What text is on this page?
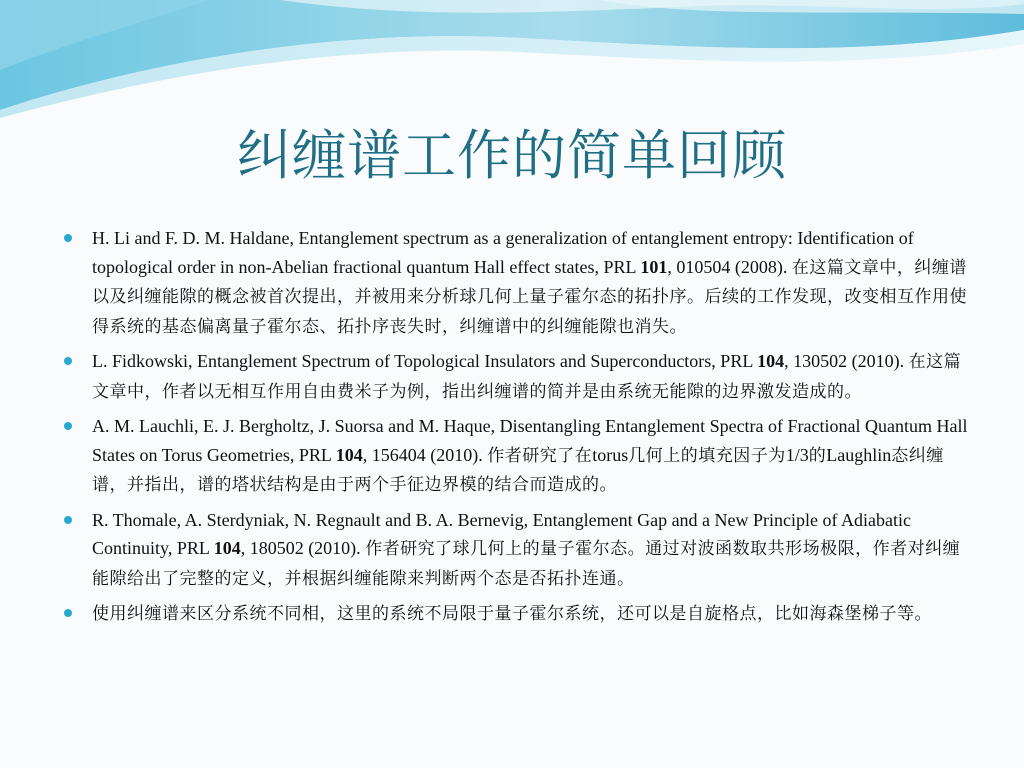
纠缠谱工作的简单回顾
H. Li and F. D. M. Haldane, Entanglement spectrum as a generalization of entanglement entropy: Identification of topological order in non-Abelian fractional quantum Hall effect states, PRL 101, 010504 (2008). 在这篇文章中，纠缠谱以及纠缠能隙的概念被首次提出，并被用来分析球几何上量子霍尔态的拓扑序。后续的工作发现，改变相互作用使得系统的基态偏离量子霍尔态、拓扑序丧失时，纠缠谱中的纠缠能隙也消失。
L. Fidkowski, Entanglement Spectrum of Topological Insulators and Superconductors, PRL 104, 130502 (2010). 在这篇文章中，作者以无相互作用自由费米子为例，指出纠缠谱的简并是由系统无能隙的边界激发造成的。
A. M. Lauchli, E. J. Bergholtz, J. Suorsa and M. Haque, Disentangling Entanglement Spectra of Fractional Quantum Hall States on Torus Geometries, PRL 104, 156404 (2010). 作者研究了在torus几何上的填充因子为1/3的Laughlin态纠缠谱，并指出，谱的塔状结构是由于两个手征边界模的结合而造成的。
R. Thomale, A. Sterdyniak, N. Regnault and B. A. Bernevig, Entanglement Gap and a New Principle of Adiabatic Continuity, PRL 104, 180502 (2010). 作者研究了球几何上的量子霍尔态。通过对波函数取共形场极限，作者对纠缠能隙给出了完整的定义，并根据纠缠能隙来判断两个态是否拓扑连通。
使用纠缠谱来区分系统不同相，这里的系统不局限于量子霍尔系统，还可以是自旋格点，比如海森堡梯子等。
